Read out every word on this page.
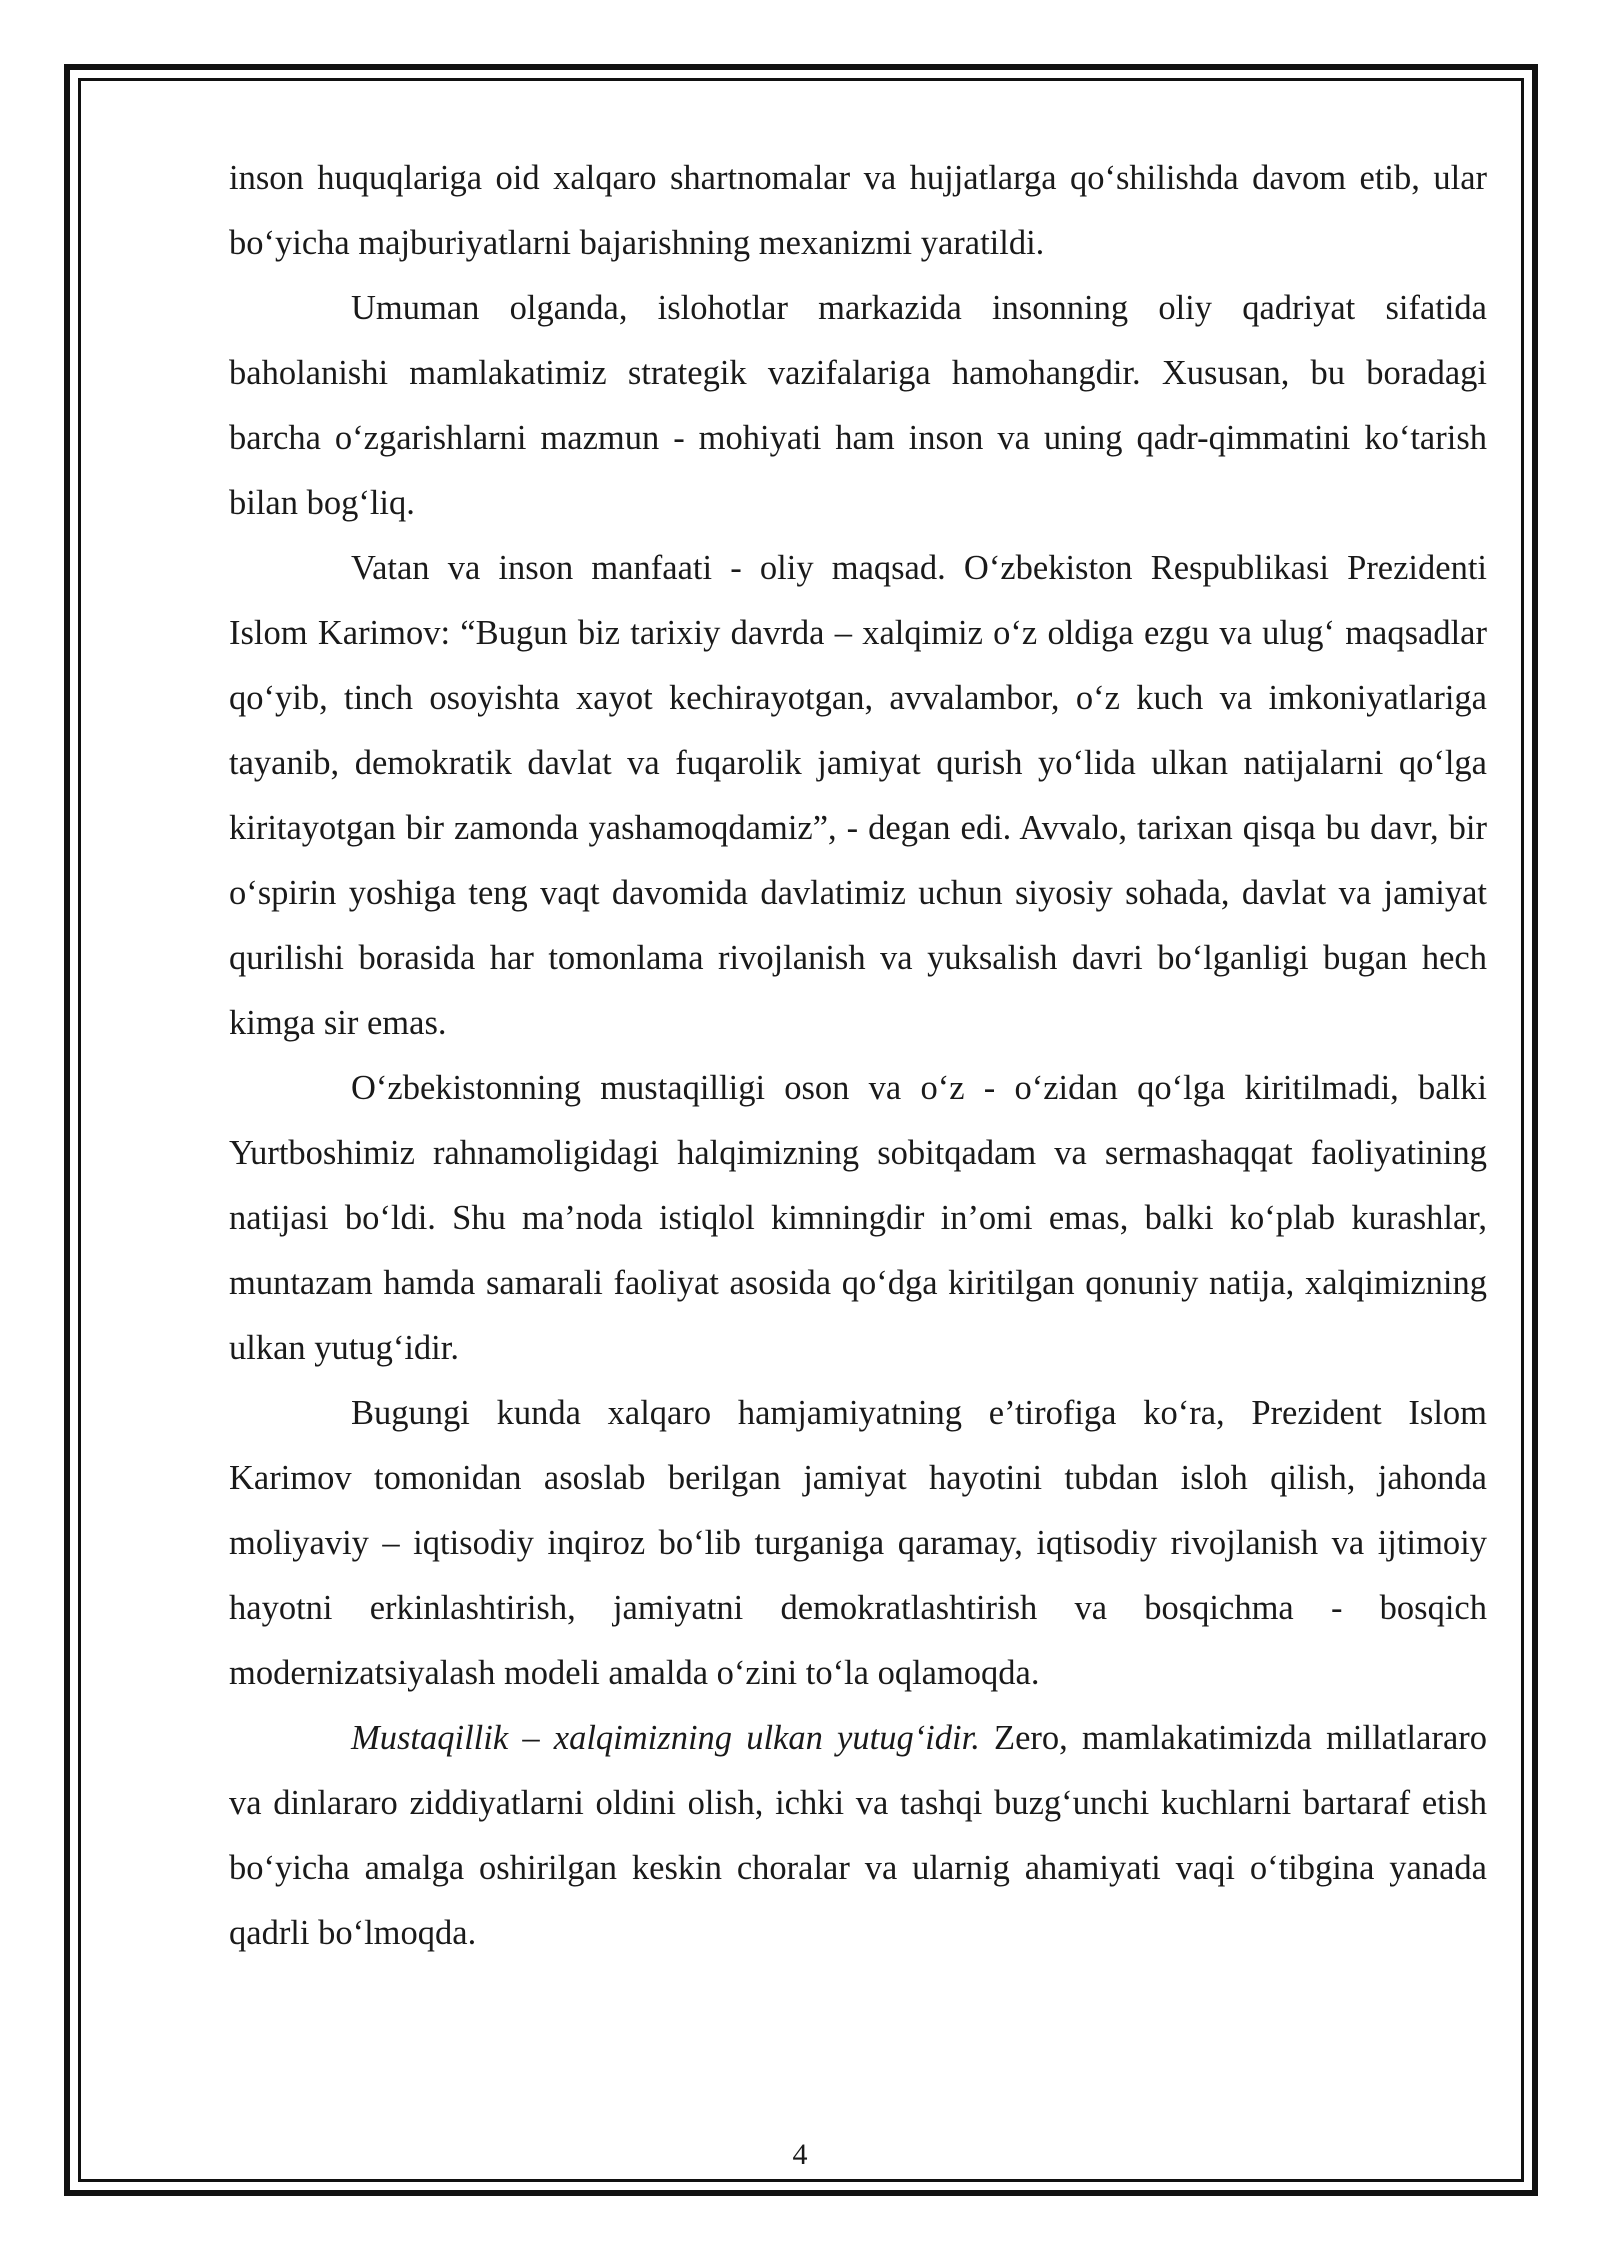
inson huquqlariga oid xalqaro shartnomalar va hujjatlarga qo‘shilishda davom etib, ular bo‘yicha majburiyatlarni bajarishning mexanizmi yaratildi.

Umuman olganda, islohotlar markazida insonning oliy qadriyat sifatida baholanishi mamlakatimiz strategik vazifalariga hamohangdir. Xususan, bu boradagi barcha o‘zgarishlarni mazmun - mohiyati ham inson va uning qadr-qimmatini ko‘tarish bilan bog‘liq.

Vatan va inson manfaati - oliy maqsad. O‘zbekiston Respublikasi Prezidenti Islom Karimov: “Bugun biz tarixiy davrda – xalqimiz o‘z oldiga ezgu va ulug‘ maqsadlar qo‘yib, tinch osoyishta xayot kechirayotgan, avvalambor, o‘z kuch va imkoniyatlariga tayanib, demokratik davlat va fuqarolik jamiyat qurish yo‘lida ulkan natijalarni qo‘lga kiritayotgan bir zamonda yashamoqdamiz”, - degan edi. Avvalo, tarixan qisqa bu davr, bir o‘spirin yoshiga teng vaqt davomida davlatimiz uchun siyosiy sohada, davlat va jamiyat qurilishi borasida har tomonlama rivojlanish va yuksalish davri bo‘lganligi bugan hech kimga sir emas.

O‘zbekistonning mustaqilligi oson va o‘z - o‘zidan qo‘lga kiritilmadi, balki Yurtboshimiz rahnamoligidagi halqimizning sobitqadam va sermashaqqat faoliyatining natijasi bo‘ldi. Shu ma’noda istiqlol kimningdir in’omi emas, balki ko‘plab kurashlar, muntazam hamda samarali faoliyat asosida qo‘dga kiritilgan qonuniy natija, xalqimizning ulkan yutug‘idir.

Bugungi kunda xalqaro hamjamiyatning e’tirofiga ko‘ra, Prezident Islom Karimov tomonidan asoslab berilgan jamiyat hayotini tubdan isloh qilish, jahonda moliyaviy – iqtisodiy inqiroz bo‘lib turganiga qaramay, iqtisodiy rivojlanish va ijtimoiy hayotni erkinlashtirish, jamiyatni demokratlashtirish va bosqichma - bosqich modernizatsiyalash modeli amalda o‘zini to‘la oqlamoqda.

Mustaqillik – xalqimizning ulkan yutug‘idir. Zero, mamlakatimizda millatlararo va dinlararo ziddiyatlarni oldini olish, ichki va tashqi buzg‘unchi kuchlarni bartaraf etish bo‘yicha amalga oshirilgan keskin choralar va ularnig ahamiyati vaqi o‘tibgina yanada qadrli bo‘lmoqda.

4
